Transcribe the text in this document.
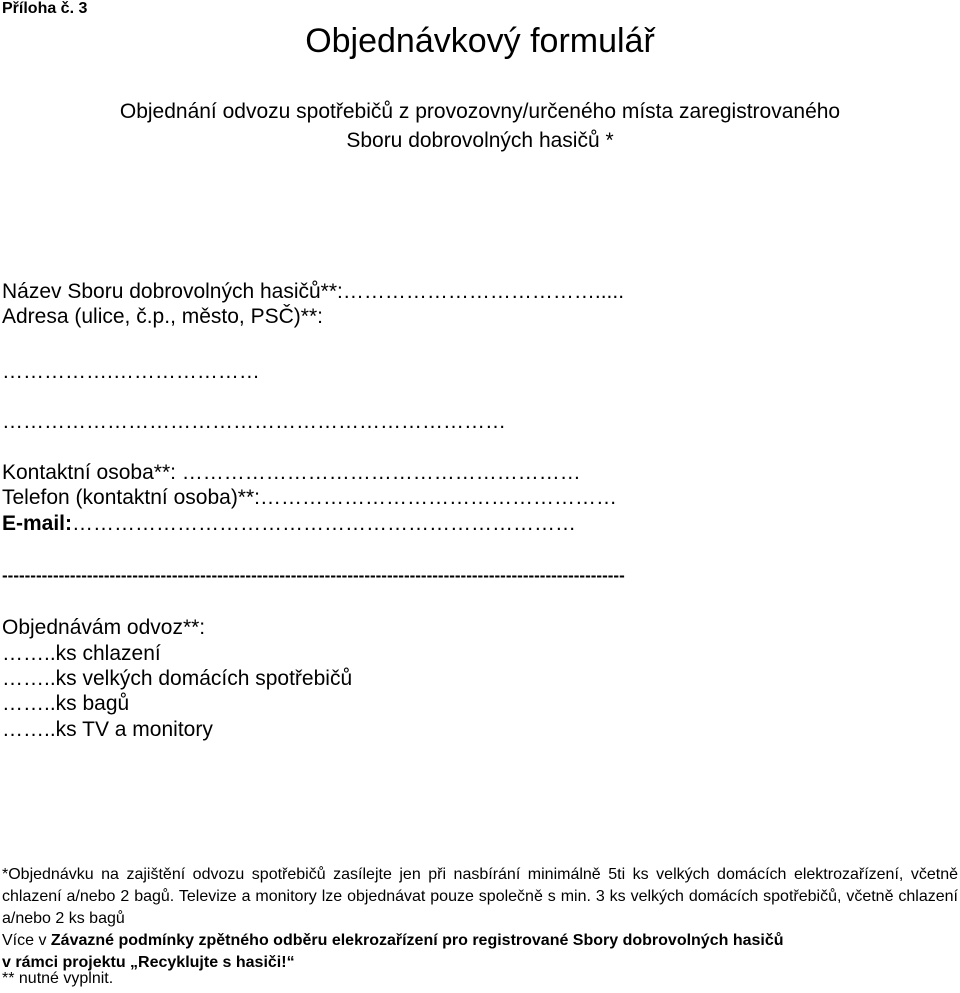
Příloha č. 3
Objednávkový formulář
Objednání odvozu spotřebičů z provozovny/určeného místa zaregistrovaného
Sboru dobrovolných hasičů *
Název Sboru dobrovolných hasičů**:……………………………….....
Adresa (ulice, č.p., město, PSČ)**:
…………….…………………
………………………………………………………………
Kontaktní osoba**: …………………………………………………
Telefon (kontaktní osoba)**:……………………………………………
E-mail:………………………………………………………………
--------------------------------------------------------------------------------------------------------------
Objednávám odvoz**:
……..ks chlazení
……..ks velkých domácích spotřebičů
……..ks bagů
……..ks TV a monitory
*Objednávku na zajištění odvozu spotřebičů zasílejte jen při nasbírání minimálně 5ti ks velkých domácích elektrozařízení, včetně chlazení a/nebo 2 bagů. Televize a monitory lze objednávat pouze společně s min. 3 ks velkých domácích spotřebičů, včetně chlazení a/nebo 2 ks bagů
Více v Závazné podmínky zpětného odběru elekrozařízení pro registrované Sbory dobrovolných hasičů
v rámci projektu „Recyklujte s hasiči!“
** nutné vyplnit.
